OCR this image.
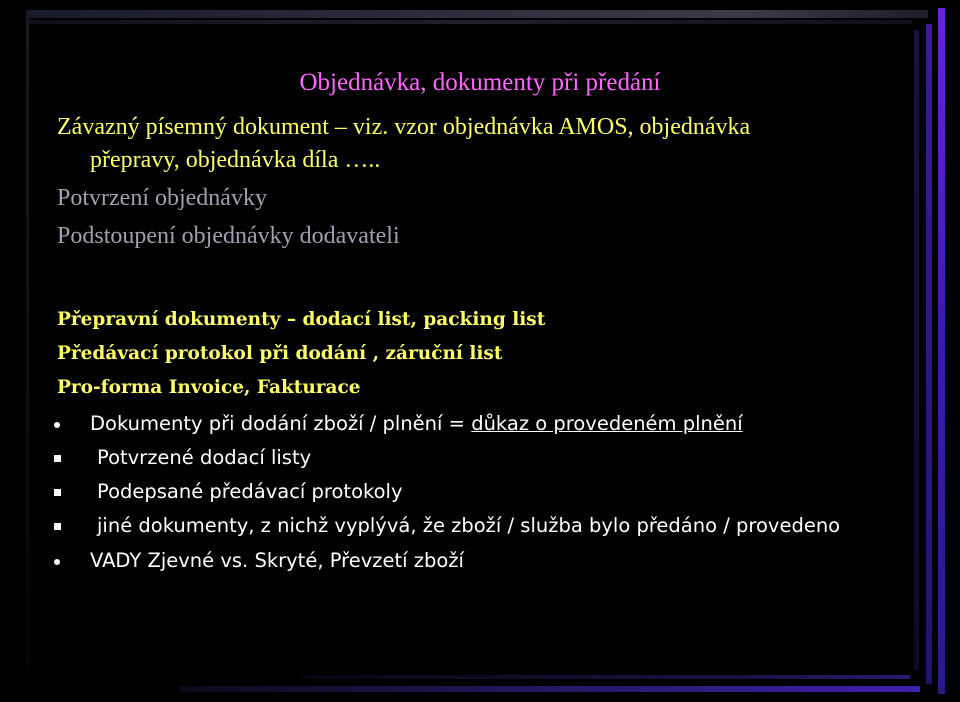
Objednávka, dokumenty při předání
Závazný písemný dokument – viz. vzor objednávka AMOS, objednávka
přepravy, objednávka díla …..
Potvrzení objednávky
Podstoupení objednávky dodavateli
Přepravní dokumenty – dodací list, packing list
Předávací protokol při dodání , záruční list
Pro-forma Invoice, Fakturace
Dokumenty při dodání zboží / plnění = důkaz o provedeném plnění
Potvrzené dodací listy
Podepsané předávací protokoly
jiné dokumenty, z nichž vyplývá, že zboží / služba bylo předáno / provedeno
VADY Zjevné vs. Skryté, Převzetí zboží
